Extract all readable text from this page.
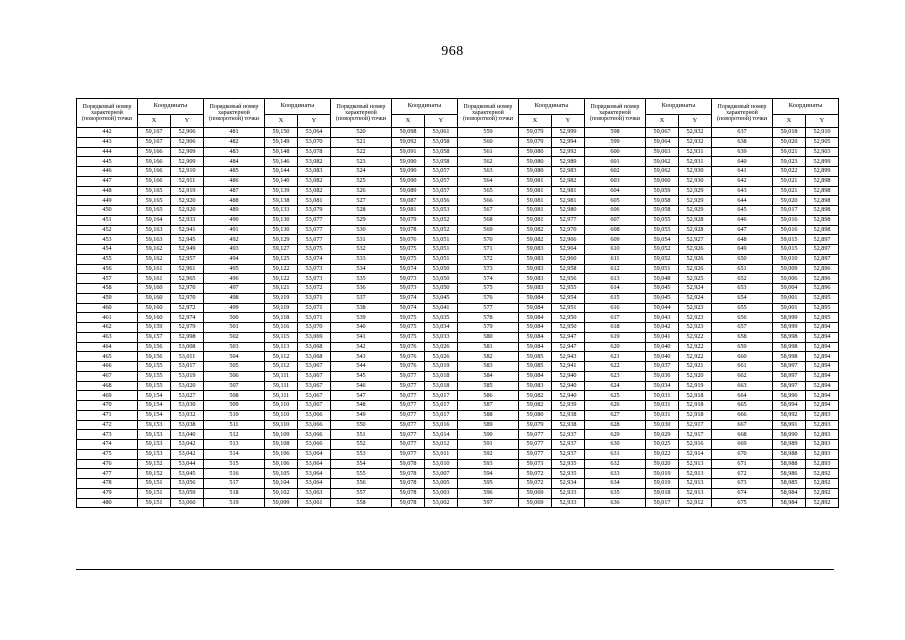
968
Порядковый номер характерной (поворотной) точки	Координаты		Порядковый номер характерной (поворотной) точки	Координаты		Порядковый номер характерной (поворотной) точки	Координаты		Порядковый номер характерной (поворотной) точки	Координаты		Порядковый номер характерной (поворотной) точки	Координаты		Порядковый номер характерной (поворотной) точки	Координаты	
	X	Y		X	Y		X	Y		X	Y		X	Y		X	Y
442	59,167	52,906	481	59,150	53,064	520	59,098	53,061	559	59,079	52,999	598	59,067	52,932	637	59,018	52,910
443	59,167	52,906	482	59,149	53,070	521	59,092	53,058	560	59,079	52,994	599	59,064	52,932	638	59,020	52,905
444	59,166	52,909	483	59,148	53,078	522	59,091	53,058	561	59,080	52,992	600	59,063	52,931	639	59,021	52,903
445	59,166	52,909	484	59,146	53,082	523	59,090	53,058	562	59,080	52,989	601	59,062	52,931	640	59,023	52,899
446	59,166	52,910	485	59,144	53,083	524	59,090	53,057	563	59,080	52,983	602	59,062	52,930	641	59,022	52,899
447	59,166	52,911	486	59,140	53,082	525	59,090	53,057	564	59,081	52,982	603	59,060	52,930	642	59,021	52,898
448	59,165	52,919	487	59,139	53,082	526	59,089	53,057	565	59,081	52,981	604	59,059	52,929	643	59,021	52,898
449	59,165	52,920	488	59,138	53,081	527	59,087	53,056	566	59,081	52,981	605	59,058	52,929	644	59,020	52,898
450	59,165	52,920	489	59,133	53,079	528	59,081	53,053	567	59,081	52,980	606	59,058	52,929	645	59,017	52,898
451	59,164	52,933	490	59,130	53,077	529	59,079	53,052	568	59,081	52,977	607	59,055	52,928	646	59,016	52,898
452	59,163	52,941	491	59,130	53,077	530	59,078	53,052	569	59,082	52,970	608	59,055	52,928	647	59,016	52,898
453	59,163	52,945	492	59,129	53,077	531	59,076	53,051	570	59,082	52,966	609	59,054	52,927	648	59,015	52,897
454	59,162	52,949	493	59,127	53,075	532	59,075	53,051	571	59,083	52,964	610	59,052	52,926	649	59,015	52,897
455	59,162	52,957	494	59,125	53,074	533	59,075	53,051	572	59,083	52,960	611	59,052	52,926	650	59,010	52,897
456	59,161	52,961	495	59,122	53,073	534	59,074	53,050	573	59,083	52,958	612	59,051	52,926	651	59,009	52,896
457	59,161	52,965	496	59,122	53,073	535	59,073	53,050	574	59,083	52,956	613	59,048	52,925	652	59,006	52,896
458	59,160	52,970	497	59,121	53,072	536	59,073	53,050	575	59,083	52,955	614	59,045	52,924	653	59,004	52,896
459	59,160	52,970	498	59,119	53,071	537	59,074	53,045	576	59,084	52,954	615	59,045	52,924	654	59,001	52,895
460	59,160	52,972	499	59,119	53,071	538	59,074	53,041	577	59,084	52,951	616	59,044	52,923	655	59,001	52,895
461	59,160	52,974	500	59,118	53,071	539	59,075	53,035	578	59,084	52,950	617	59,043	52,923	656	58,999	52,895
462	59,159	52,979	501	59,116	53,070	540	59,075	53,034	579	59,084	52,950	618	59,042	52,923	657	58,999	52,894
463	59,157	52,998	502	59,115	53,069	541	59,075	53,033	580	59,084	52,947	619	59,041	52,922	658	58,998	52,894
464	59,156	53,008	503	59,113	53,068	542	59,076	53,026	581	59,084	52,947	620	59,040	52,922	659	58,998	52,894
465	59,156	53,011	504	59,112	53,068	543	59,076	53,026	582	59,085	52,943	621	59,040	52,922	660	58,998	52,894
466	59,155	53,017	505	59,112	53,067	544	59,076	53,019	583	59,085	52,941	622	59,037	52,921	661	58,997	52,894
467	59,155	53,019	506	59,111	53,067	545	59,077	53,018	584	59,084	52,940	623	59,036	52,920	662	58,997	52,894
468	59,155	53,020	507	59,111	53,067	546	59,077	53,018	585	59,083	52,940	624	59,034	52,919	663	58,997	52,894
469	59,154	53,027	508	59,111	53,067	547	59,077	53,017	586	59,082	52,940	625	59,031	52,918	664	58,996	52,894
470	59,154	53,030	509	59,110	53,067	548	59,077	53,017	587	59,082	52,939	626	59,031	52,918	665	58,994	52,894
471	59,154	53,032	510	59,110	53,066	549	59,077	53,017	588	59,080	52,938	627	59,031	52,918	666	58,992	52,893
472	59,153	53,038	511	59,110	53,066	550	59,077	53,016	589	59,079	52,938	628	59,030	52,917	667	58,991	52,893
473	59,153	53,040	512	59,109	53,066	551	59,077	53,014	590	59,077	52,937	629	59,029	52,917	668	58,990	52,893
474	59,153	53,042	513	59,108	53,066	552	59,077	53,012	591	59,077	52,937	630	59,025	52,916	669	58,989	52,893
475	59,153	53,042	514	59,106	53,064	553	59,077	53,011	592	59,077	52,937	631	59,022	52,914	670	58,988	52,893
476	59,152	53,044	515	59,106	53,064	554	59,078	53,010	593	59,073	52,935	632	59,020	52,913	671	58,988	52,893
477	59,152	53,045	516	59,105	53,064	555	59,078	53,007	594	59,072	52,935	633	59,019	52,913	672	58,986	52,892
478	59,151	53,056	517	59,104	53,064	556	59,078	53,005	595	59,072	52,934	634	59,019	52,913	673	58,985	52,892
479	59,151	53,059	518	59,102	53,063	557	59,078	53,003	596	59,069	52,933	635	59,018	52,913	674	58,984	52,892
480	59,151	53,060	519	59,099	53,061	558	59,078	53,002	597	59,069	52,933	636	59,017	52,912	675	58,984	52,892
